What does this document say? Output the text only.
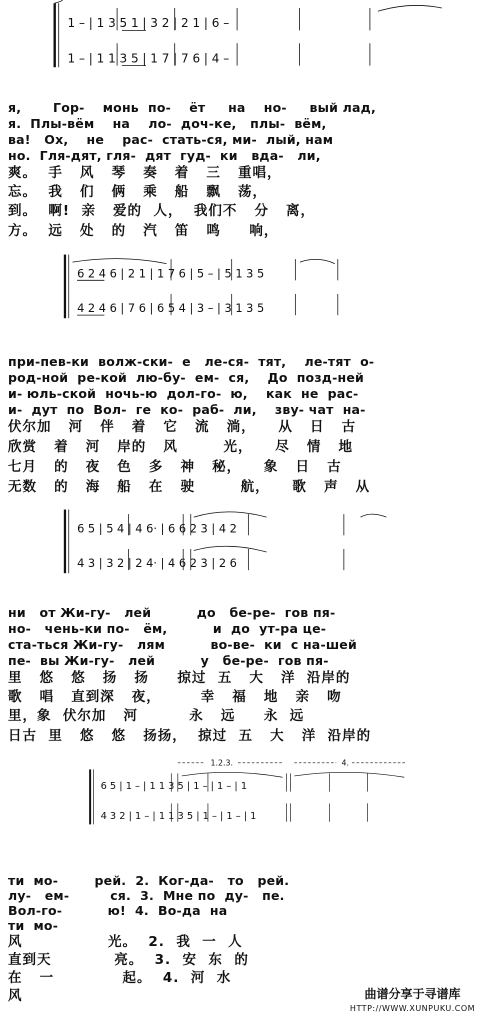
1 – | 1 3 5 1 | 3 2 | 2 1 | 6 –
1 – | 1 1 3 5 | 1 7 | 7 6 | 4 –
я,       Гор-    монь  по-    ёт     на    но-     вый лад,
я.  Плы-вём    на    ло-  доч-ке,   плы-  вём,
ва!   Ох,    не    рас-  стать-ся, ми-  лый, нам
но.  Гля-дят, гля-  дят  гуд-  ки   вда-   ли,
爽。  手   风   琴   奏   着   三   重唱，
忘。  我   们   俩   乘   船   飘   荡，
到。  啊!  亲   爱的  人，  我们不   分   离，
方。  远   处   的   汽   笛   鸣     响，
6 2 4 6 | 2 1 | 1 7 6 | 5 – | 5 1 3 5
4 2 4 6 | 7 6 | 6 5 4 | 3 – | 3 1 3 5
при-пев-ки  волж-ски-  е   ле-ся-  тят,    ле-тят  о-
род-ной  ре-кой  лю-бу-  ем-  ся,    До  позд-ней
и- юль-ской  ночь-ю  дол-го-  ю,    как  не  рас-
и-  дут  по  Вол-  ге  ко-  раб-  ли,    зву- чат  на-
伏尔加   河   伴   着   它   流   淌，    从   日   古
欣赏   着   河   岸的   风        光，    尽   情   地
七月   的   夜   色   多   神   秘，    象   日   古
无数   的   海   船   在   驶        航，    歌   声   从
6 5 | 5 4 | 4 6· | 6 6 2 3 | 4 2
4 3 | 3 2 | 2 4· | 4 6 2 3 | 2 6
ни   от Жи-гу-   лей          до   бе-ре-  гов пя-
но-   чень-ки по-   ём,          и  до  ут-ра це-
ста-ться Жи-гу-   лям          во-ве-  ки  с на-шей
пе-  вы Жи-гу-   лей          у   бе-ре-  гов пя-
里   悠   悠   扬   扬     掠过  五   大   洋  沿岸的
歌   唱   直到深   夜，       幸   福   地   亲   吻
里，象  伏尔加   河         永   远     永  远
日古  里   悠   悠   扬扬，  掠过  五   大   洋  沿岸的
1.2.3.	4.
6 5 | 1 – | 1 1 3 5 | 1 – | 1 – | 1
4 3 2 | 1 – | 1 1 3 5 | 1 – | 1 – | 1
ти  мо-        рей.  2.  Ког-да-   то   рей.
лу-   ем-         ся.  3.  Мне по  ду-   пе.
Вол-го-          ю!  4.  Во-да  на
ти  мо-
风               光。  2.  我  一  人
直到天           亮。  3.  安  东  的
在   一            起。  4.  河  水
风	曲谱分享于寻谱库
HTTP://WWW.XUNPUKU.COM
